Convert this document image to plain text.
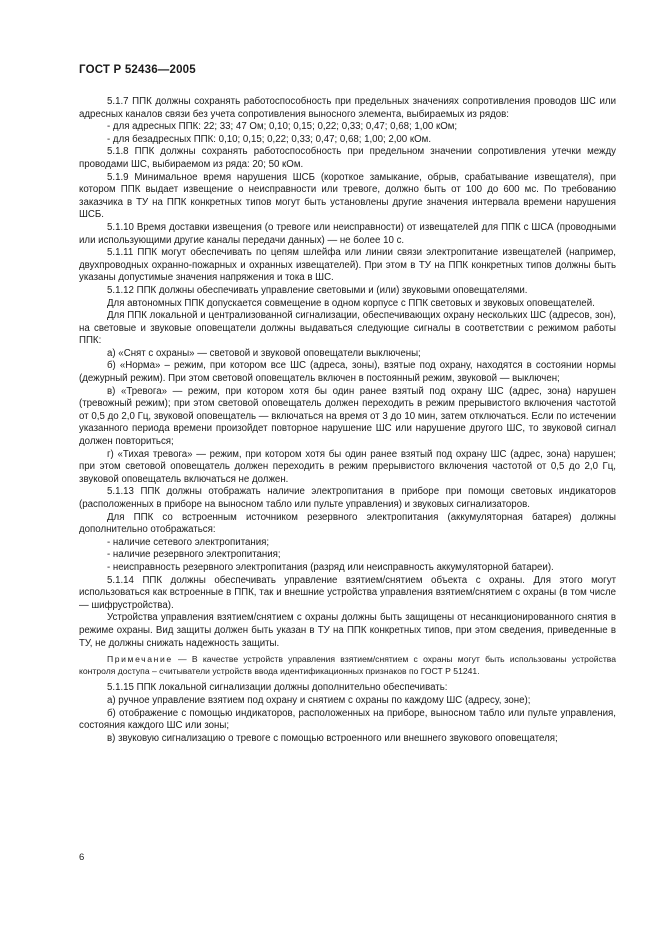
ГОСТ Р 52436—2005

5.1.7 ППК должны сохранять работоспособность при предельных значениях сопротивления проводов ШС или адресных каналов связи без учета сопротивления выносного элемента, выбираемых из рядов:

- для адресных ППК: 22; 33; 47 Ом; 0,10; 0,15; 0,22; 0,33; 0,47; 0,68; 1,00 кОм;

- для безадресных ППК: 0,10; 0,15; 0,22; 0,33; 0,47; 0,68; 1,00; 2,00 кОм.

5.1.8 ППК должны сохранять работоспособность при предельном значении сопротивления утечки между проводами ШС, выбираемом из ряда: 20; 50 кОм.

5.1.9 Минимальное время нарушения ШСБ (короткое замыкание, обрыв, срабатывание извещателя), при котором ППК выдает извещение о неисправности или тревоге, должно быть от 100 до 600 мс. По требованию заказчика в ТУ на ППК конкретных типов могут быть установлены другие значения интервала времени нарушения ШСБ.

5.1.10 Время доставки извещения (о тревоге или неисправности) от извещателей для ППК с ШСА (проводными или использующими другие каналы передачи данных) — не более 10 с.

5.1.11 ППК могут обеспечивать по цепям шлейфа или линии связи электропитание извещателей (например, двухпроводных охранно-пожарных и охранных извещателей). При этом в ТУ на ППК конкретных типов должны быть указаны допустимые значения напряжения и тока в ШС.

5.1.12 ППК должны обеспечивать управление световыми и (или) звуковыми оповещателями.

Для автономных ППК допускается совмещение в одном корпусе с ППК световых и звуковых оповещателей.

Для ППК локальной и централизованной сигнализации, обеспечивающих охрану нескольких ШС (адресов, зон), на световые и звуковые оповещатели должны выдаваться следующие сигналы в соответствии с режимом работы ППК:

а) «Снят с охраны» — световой и звуковой оповещатели выключены;

б) «Норма» – режим, при котором все ШС (адреса, зоны), взятые под охрану, находятся в состоянии нормы (дежурный режим). При этом световой оповещатель включен в постоянный режим, звуковой — выключен;

в) «Тревога» — режим, при котором хотя бы один ранее взятый под охрану ШС (адрес, зона) нарушен (тревожный режим); при этом световой оповещатель должен переходить в режим прерывистого включения частотой от 0,5 до 2,0 Гц, звуковой оповещатель — включаться на время от 3 до 10 мин, затем отключаться. Если по истечении указанного периода времени произойдет повторное нарушение ШС или нарушение другого ШС, то звуковой сигнал должен повториться;

г) «Тихая тревога» — режим, при котором хотя бы один ранее взятый под охрану ШС (адрес, зона) нарушен; при этом световой оповещатель должен переходить в режим прерывистого включения частотой от 0,5 до 2,0 Гц, звуковой оповещатель включаться не должен.

5.1.13 ППК должны отображать наличие электропитания в приборе при помощи световых индикаторов (расположенных в приборе на выносном табло или пульте управления) и звуковых сигнализаторов.

Для ППК со встроенным источником резервного электропитания (аккумуляторная батарея) должны дополнительно отображаться:

- наличие сетевого электропитания;

- наличие резервного электропитания;

- неисправность резервного электропитания (разряд или неисправность аккумуляторной батареи).

5.1.14 ППК должны обеспечивать управление взятием/снятием объекта с охраны. Для этого могут использоваться как встроенные в ППК, так и внешние устройства управления взятием/снятием с охраны (в том числе — шифрустройства).

Устройства управления взятием/снятием с охраны должны быть защищены от несанкционированного снятия в режиме охраны. Вид защиты должен быть указан в ТУ на ППК конкретных типов, при этом сведения, приведенные в ТУ, не должны снижать надежность защиты.

Примечание — В качестве устройств управления взятием/снятием с охраны могут быть использованы устройства контроля доступа – считыватели устройств ввода идентификационных признаков по ГОСТ Р 51241.

5.1.15 ППК локальной сигнализации должны дополнительно обеспечивать:

а) ручное управление взятием под охрану и снятием с охраны по каждому ШС (адресу, зоне);

б) отображение с помощью индикаторов, расположенных на приборе, выносном табло или пульте управления, состояния каждого ШС или зоны;

в) звуковую сигнализацию о тревоге с помощью встроенного или внешнего звукового оповещателя;

6
